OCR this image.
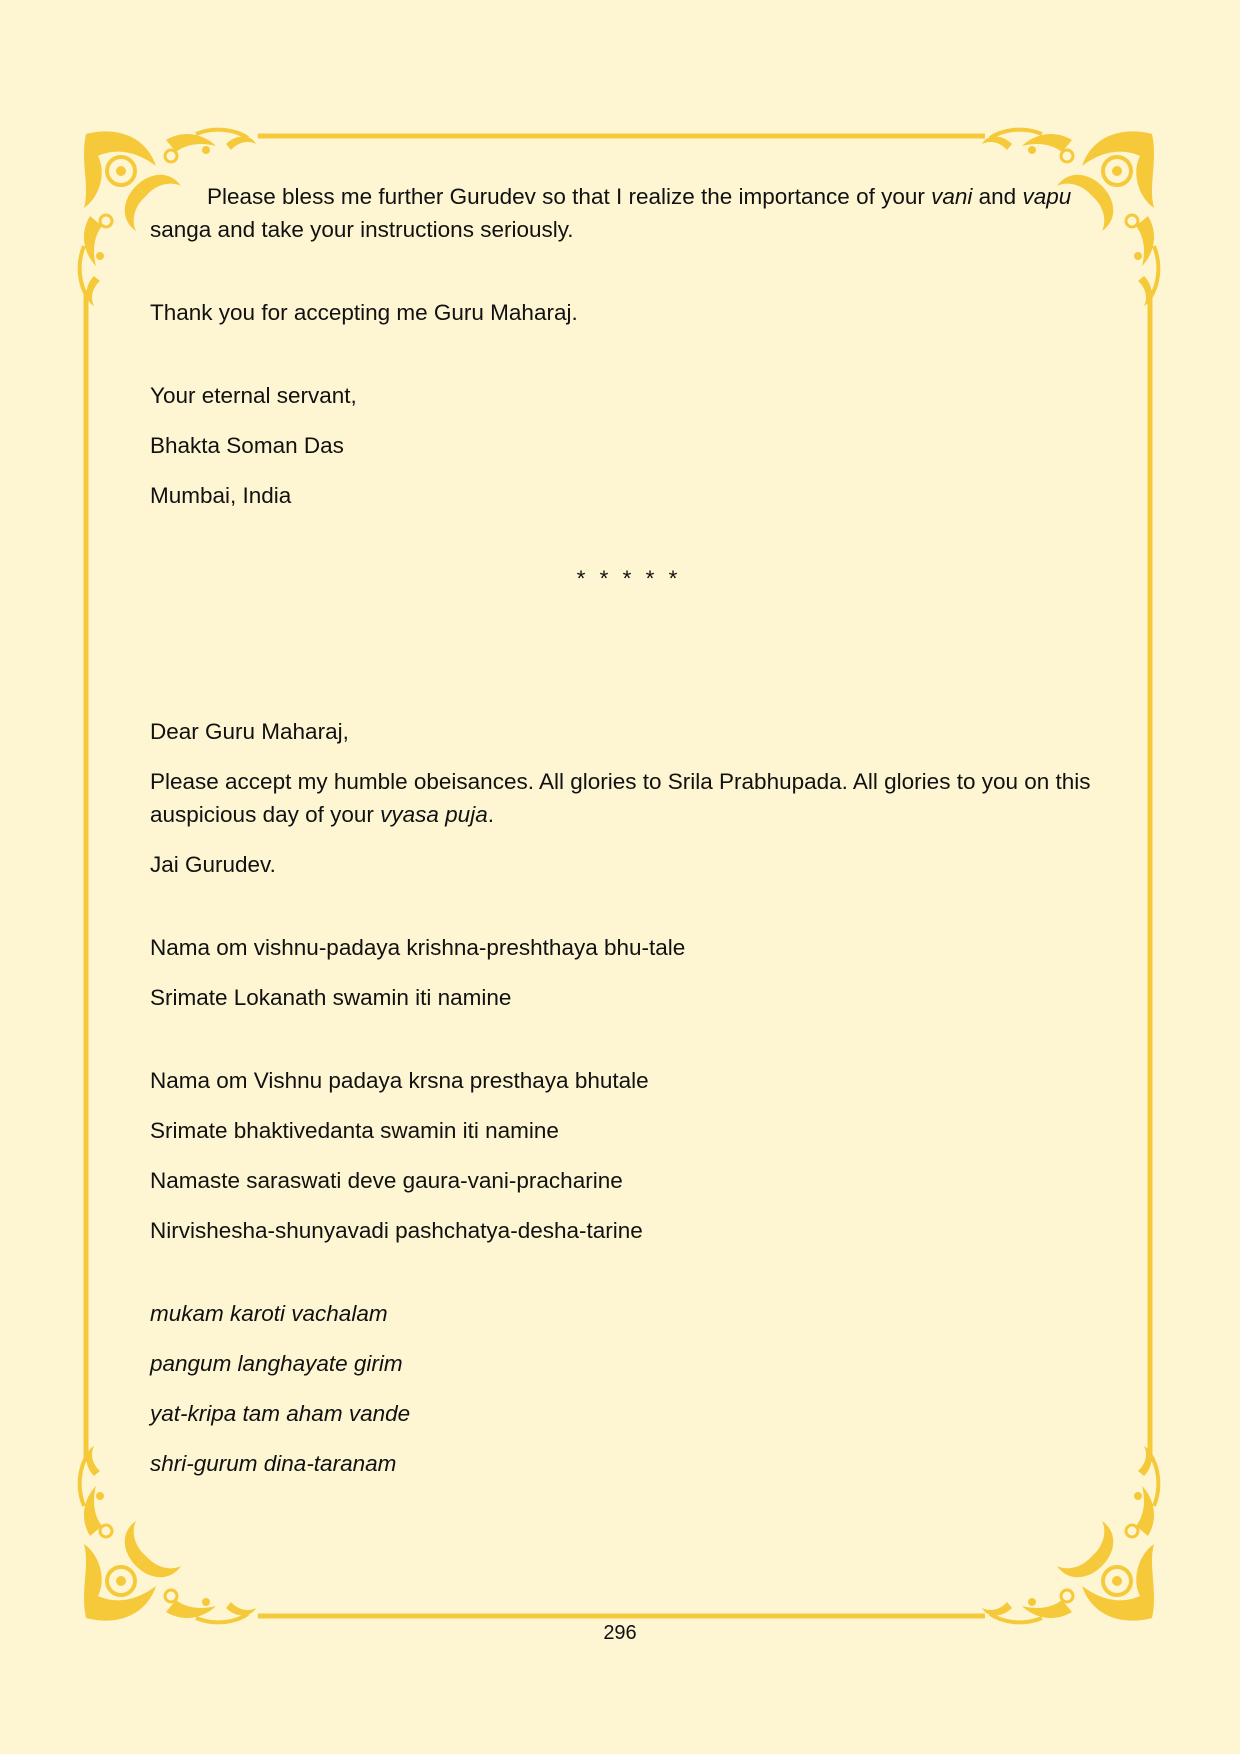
Please bless me further Gurudev so that I realize the importance of your vani and vapu sanga and take your instructions seriously.

Thank you for accepting me Guru Maharaj.

Your eternal servant,

Bhakta Soman Das

Mumbai, India

* * * * *

Dear Guru Maharaj,

Please accept my humble obeisances. All glories to Srila Prabhupada. All glories to you on this auspicious day of your vyasa puja.

Jai Gurudev.

Nama om vishnu-padaya krishna-preshthaya bhu-tale

Srimate Lokanath swamin iti namine

Nama om Vishnu padaya krsna presthaya bhutale

Srimate bhaktivedanta swamin iti namine

Namaste saraswati deve gaura-vani-pracharine

Nirvishesha-shunyavadi pashchatya-desha-tarine

mukam karoti vachalam

pangum langhayate girim

yat-kripa tam aham vande

shri-gurum dina-taranam

296
